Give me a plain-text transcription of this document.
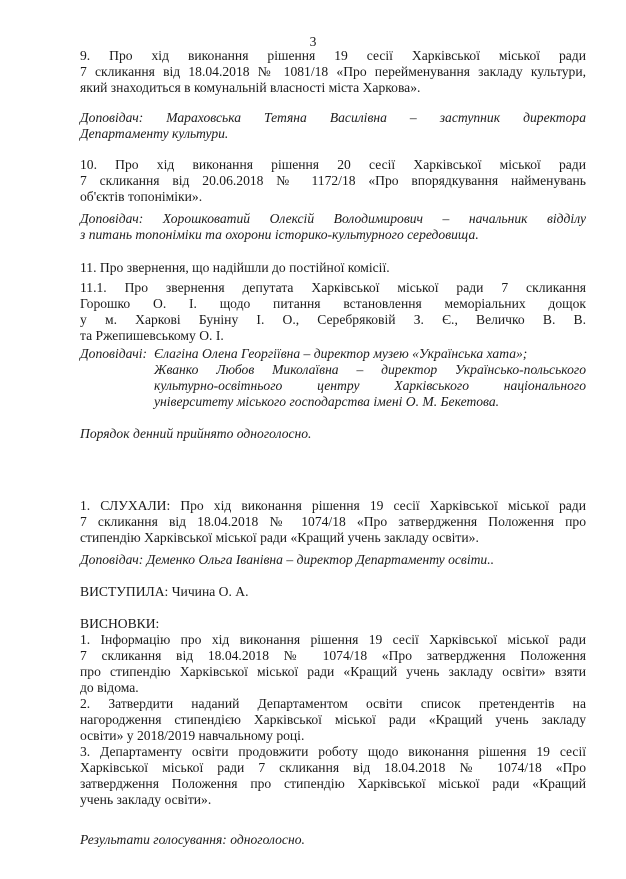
3
9. Про хід виконання рішення 19 сесії Харківської міської ради
7 скликання від 18.04.2018 № 1081/18 «Про перейменування закладу культури,
який знаходиться в комунальній власності міста Харкова».
Доповідач: Мараховська Тетяна Василівна – заступник директора
Департаменту культури.
10. Про хід виконання рішення 20 сесії Харківської міської ради
7 скликання від 20.06.2018 № 1172/18 «Про впорядкування найменувань
об'єктів топоніміки».
Доповідач: Хорошковатий Олексій Володимирович – начальник відділу
з питань топоніміки та охорони історико-культурного середовища.
11. Про звернення, що надійшли до постійної комісії.
11.1. Про звернення депутата Харківської міської ради 7 скликання
Горошко О. І. щодо питання встановлення меморіальних дощок
у м. Харкові Буніну І. О., Серебряковій З. Є., Величко В. В.
та Ржепишевському О. І.
Доповідачі: Єлагіна Олена Георгіївна – директор музею «Українська хата»;
Жванко Любов Миколаївна – директор Українсько-польського
культурно-освітнього центру Харківського національного
університету міського господарства імені О. М. Бекетова.
Порядок денний прийнято одноголосно.
1. СЛУХАЛИ: Про хід виконання рішення 19 сесії Харківської міської ради
7 скликання від 18.04.2018 № 1074/18 «Про затвердження Положення про
стипендію Харківської міської ради «Кращий учень закладу освіти».
Доповідач: Деменко Ольга Іванівна – директор Департаменту освіти..
ВИСТУПИЛА: Чичина О. А.
ВИСНОВКИ:
1. Інформацію про хід виконання рішення 19 сесії Харківської міської ради
7 скликання від 18.04.2018 № 1074/18 «Про затвердження Положення
про стипендію Харківської міської ради «Кращий учень закладу освіти» взяти
до відома.
2. Затвердити наданий Департаментом освіти список претендентів на
нагородження стипендією Харківської міської ради «Кращий учень закладу
освіти» у 2018/2019 навчальному році.
3. Департаменту освіти продовжити роботу щодо виконання рішення 19 сесії
Харківської міської ради 7 скликання від 18.04.2018 № 1074/18 «Про
затвердження Положення про стипендію Харківської міської ради «Кращий
учень закладу освіти».
Результати голосування: одноголосно.
